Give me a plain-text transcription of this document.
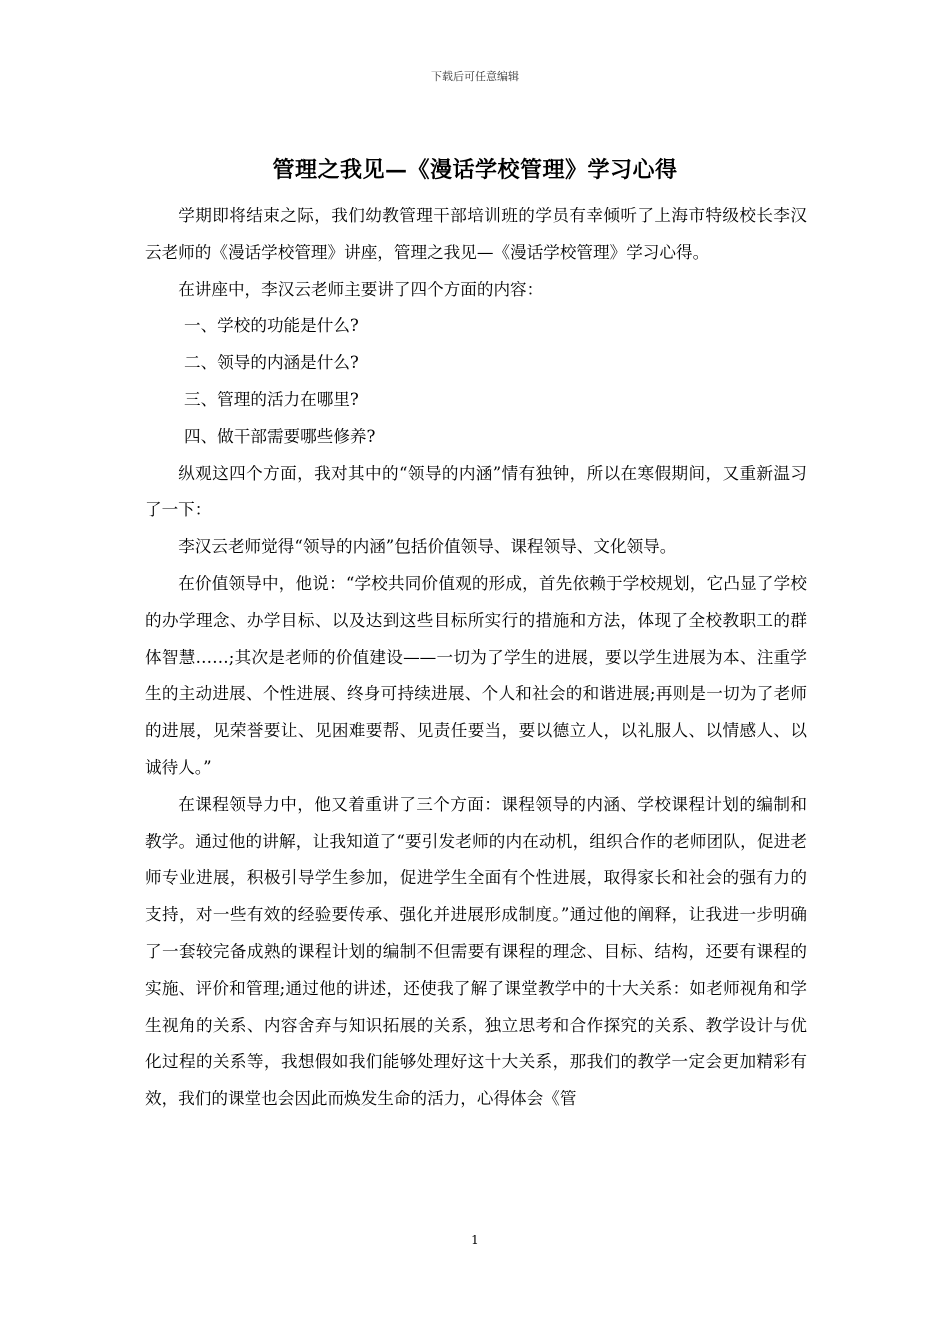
下载后可任意编辑
管理之我见—《漫话学校管理》学习心得

学期即将结束之际，我们幼教管理干部培训班的学员有幸倾听了上海市特级校长李汉云老师的《漫话学校管理》讲座，管理之我见—《漫话学校管理》学习心得。

在讲座中，李汉云老师主要讲了四个方面的内容：

一、学校的功能是什么?

二、领导的内涵是什么?

三、管理的活力在哪里?

四、做干部需要哪些修养?

纵观这四个方面，我对其中的“领导的内涵”情有独钟，所以在寒假期间，又重新温习了一下：

李汉云老师觉得“领导的内涵”包括价值领导、课程领导、文化领导。

在价值领导中，他说：“学校共同价值观的形成，首先依赖于学校规划，它凸显了学校的办学理念、办学目标、以及达到这些目标所实行的措施和方法，体现了全校教职工的群体智慧……;其次是老师的价值建设——一切为了学生的进展，要以学生进展为本、注重学生的主动进展、个性进展、终身可持续进展、个人和社会的和谐进展;再则是一切为了老师的进展，见荣誉要让、见困难要帮、见责任要当，要以德立人，以礼服人、以情感人、以诚待人。”

在课程领导力中，他又着重讲了三个方面：课程领导的内涵、学校课程计划的编制和教学。通过他的讲解，让我知道了“要引发老师的内在动机，组织合作的老师团队，促进老师专业进展，积极引导学生参加，促进学生全面有个性进展，取得家长和社会的强有力的支持，对一些有效的经验要传承、强化并进展形成制度。”通过他的阐释，让我进一步明确了一套较完备成熟的课程计划的编制不但需要有课程的理念、目标、结构，还要有课程的实施、评价和管理;通过他的讲述，还使我了解了课堂教学中的十大关系：如老师视角和学生视角的关系、内容舍弃与知识拓展的关系，独立思考和合作探究的关系、教学设计与优化过程的关系等，我想假如我们能够处理好这十大关系，那我们的教学一定会更加精彩有效，我们的课堂也会因此而焕发生命的活力，心得体会《管

1
